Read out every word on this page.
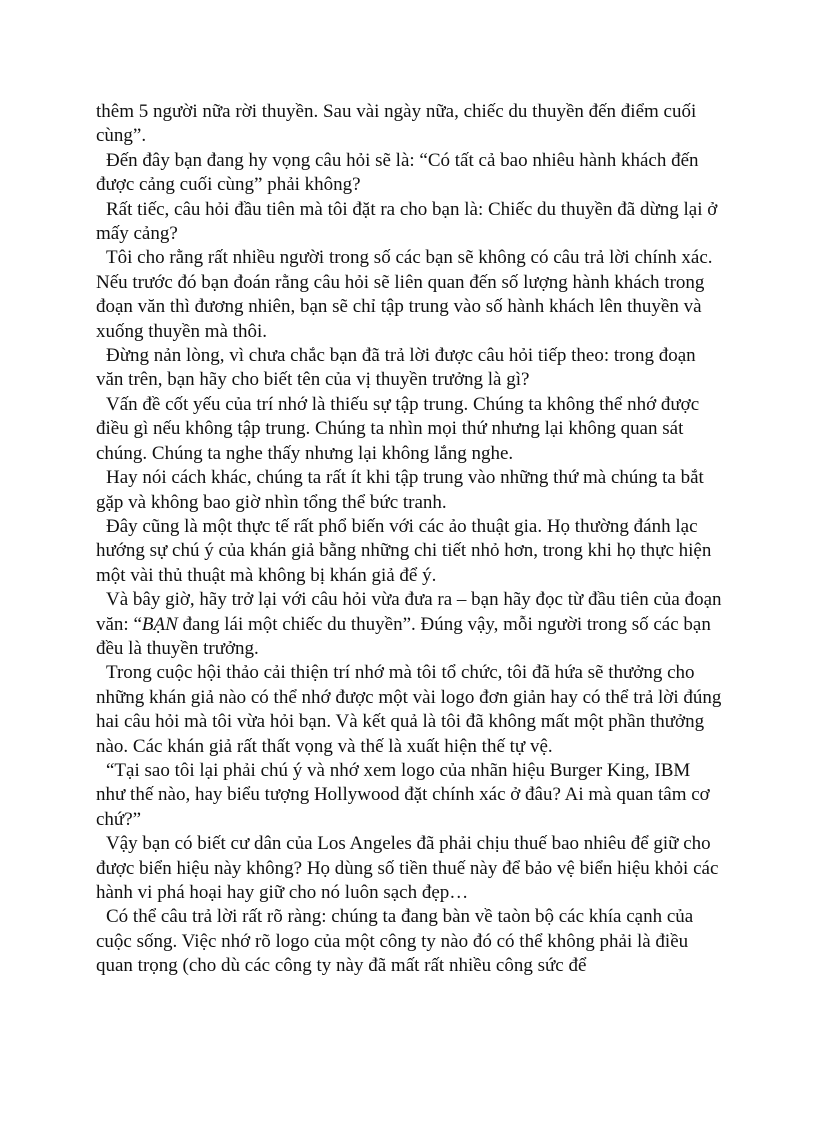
thêm 5 người nữa rời thuyền. Sau vài ngày nữa, chiếc du thuyền đến điểm cuối cùng”.

Đến đây bạn đang hy vọng câu hỏi sẽ là: “Có tất cả bao nhiêu hành khách đến được cảng cuối cùng” phải không?

Rất tiếc, câu hỏi đầu tiên mà tôi đặt ra cho bạn là: Chiếc du thuyền đã dừng lại ở mấy cảng?

Tôi cho rằng rất nhiều người trong số các bạn sẽ không có câu trả lời chính xác. Nếu trước đó bạn đoán rằng câu hỏi sẽ liên quan đến số lượng hành khách trong đoạn văn thì đương nhiên, bạn sẽ chỉ tập trung vào số hành khách lên thuyền và xuống thuyền mà thôi.

Đừng nản lòng, vì chưa chắc bạn đã trả lời được câu hỏi tiếp theo: trong đoạn văn trên, bạn hãy cho biết tên của vị thuyền trưởng là gì?

Vấn đề cốt yếu của trí nhớ là thiếu sự tập trung. Chúng ta không thể nhớ được điều gì nếu không tập trung. Chúng ta nhìn mọi thứ nhưng lại không quan sát chúng. Chúng ta nghe thấy nhưng lại không lắng nghe.

Hay nói cách khác, chúng ta rất ít khi tập trung vào những thứ mà chúng ta bắt gặp và không bao giờ nhìn tổng thể bức tranh.

Đây cũng là một thực tế rất phổ biến với các ảo thuật gia. Họ thường đánh lạc hướng sự chú ý của khán giả bằng những chi tiết nhỏ hơn, trong khi họ thực hiện một vài thủ thuật mà không bị khán giả để ý.

Và bây giờ, hãy trở lại với câu hỏi vừa đưa ra – bạn hãy đọc từ đầu tiên của đoạn văn: “BẠN đang lái một chiếc du thuyền”. Đúng vậy, mỗi người trong số các bạn đều là thuyền trưởng.

Trong cuộc hội thảo cải thiện trí nhớ mà tôi tổ chức, tôi đã hứa sẽ thưởng cho những khán giả nào có thể nhớ được một vài logo đơn giản hay có thể trả lời đúng hai câu hỏi mà tôi vừa hỏi bạn. Và kết quả là tôi đã không mất một phần thưởng nào. Các khán giả rất thất vọng và thế là xuất hiện thế tự vệ.

“Tại sao tôi lại phải chú ý và nhớ xem logo của nhãn hiệu Burger King, IBM như thế nào, hay biểu tượng Hollywood đặt chính xác ở đâu? Ai mà quan tâm cơ chứ?”

Vậy bạn có biết cư dân của Los Angeles đã phải chịu thuế bao nhiêu để giữ cho được biển hiệu này không? Họ dùng số tiền thuế này để bảo vệ biển hiệu khỏi các hành vi phá hoại hay giữ cho nó luôn sạch đẹp…

Có thể câu trả lời rất rõ ràng: chúng ta đang bàn về taòn bộ các khía cạnh của cuộc sống. Việc nhớ rõ logo của một công ty nào đó có thể không phải là điều quan trọng (cho dù các công ty này đã mất rất nhiều công sức để
